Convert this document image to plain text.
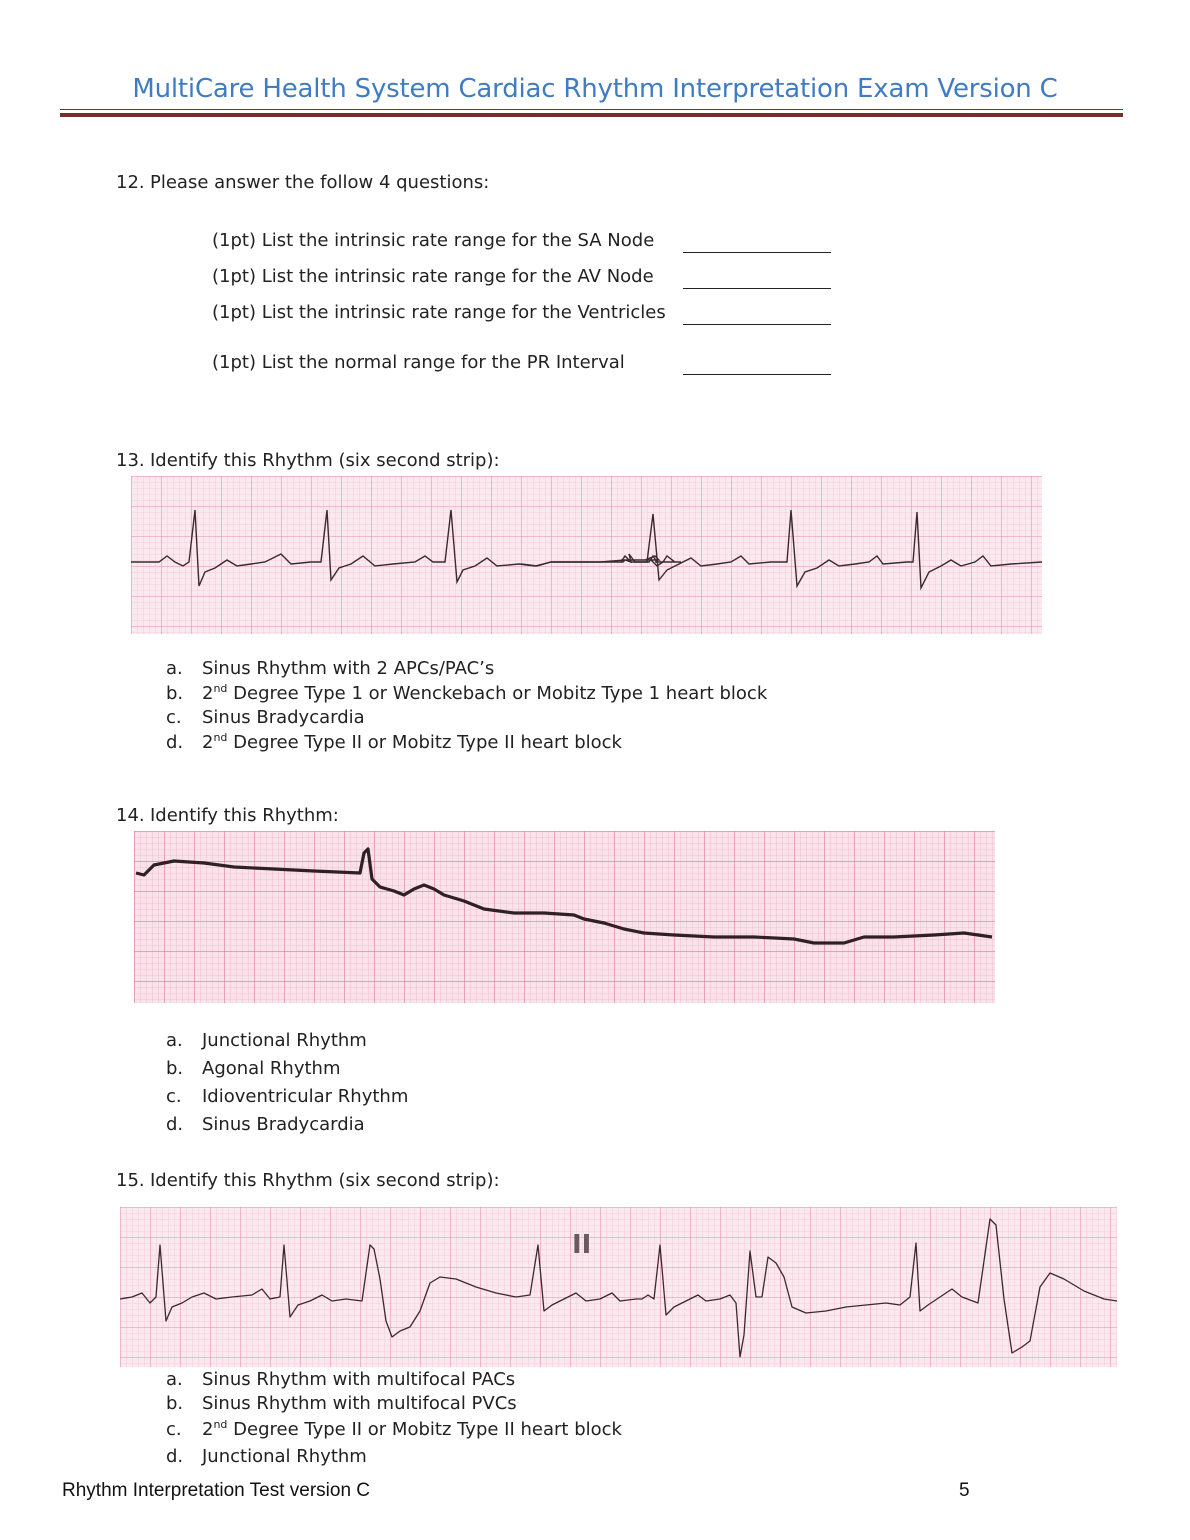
MultiCare Health System Cardiac Rhythm Interpretation Exam Version C
12. Please answer the follow 4 questions:
(1pt) List the intrinsic rate range for the SA Node
(1pt) List the intrinsic rate range for the AV Node
(1pt) List the intrinsic rate range for the Ventricles
(1pt) List the normal range for the PR Interval
13. Identify this Rhythm (six second strip):
a. Sinus Rhythm with 2 APCs/PAC’s
b. 2nd Degree Type 1 or Wenckebach or Mobitz Type 1 heart block
c. Sinus Bradycardia
d. 2nd Degree Type II or Mobitz Type II heart block
14. Identify this Rhythm:
a. Junctional Rhythm
b. Agonal Rhythm
c. Idioventricular Rhythm
d. Sinus Bradycardia
15. Identify this Rhythm (six second strip):
II
a. Sinus Rhythm with multifocal PACs
b. Sinus Rhythm with multifocal PVCs
c. 2nd Degree Type II or Mobitz Type II heart block
d. Junctional Rhythm
Rhythm Interpretation Test version C	5
